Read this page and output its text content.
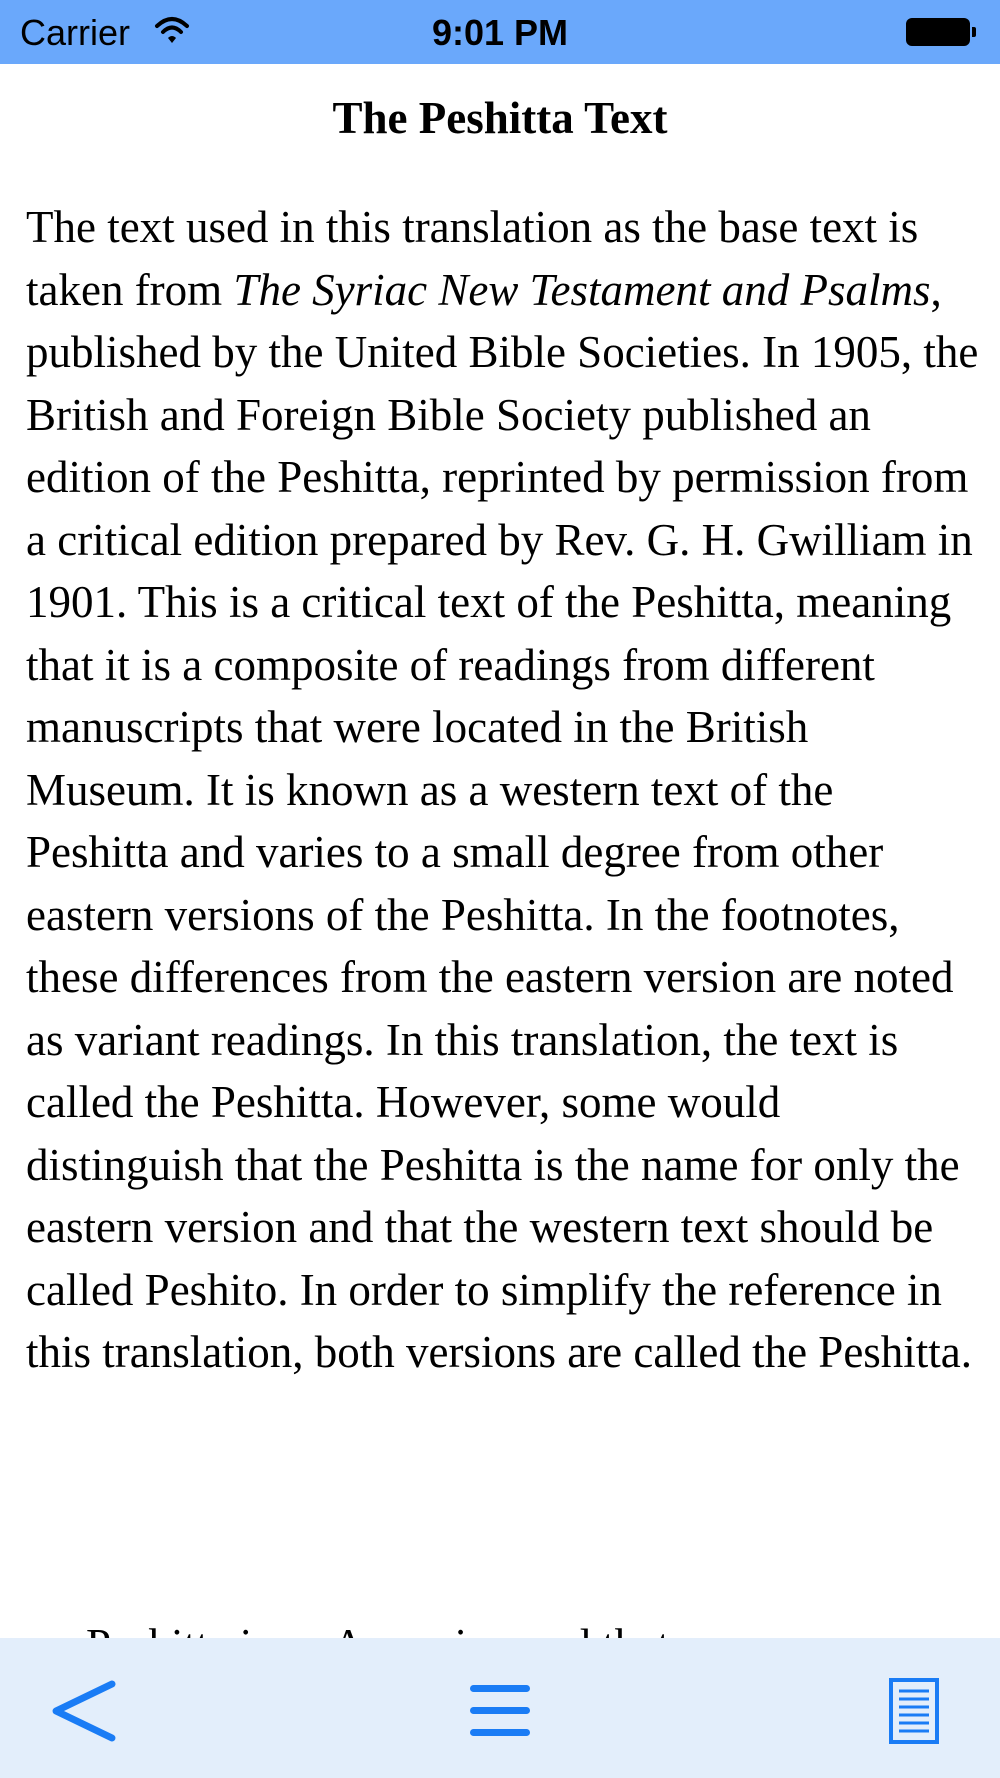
Carrier	9:01 PM
The Peshitta Text

The text used in this translation as the base text is taken from The Syriac New Testament and Psalms, published by the United Bible Societies. In 1905, the British and Foreign Bible Society published an edition of the Peshitta, reprinted by permission from a critical edition prepared by Rev. G. H. Gwilliam in 1901. This is a critical text of the Peshitta, meaning that it is a composite of readings from different manuscripts that were located in the British Museum. It is known as a western text of the Peshitta and varies to a small degree from other eastern versions of the Peshitta. In the footnotes, these differences from the eastern version are noted as variant readings. In this translation, the text is called the Peshitta. However, some would distinguish that the Peshitta is the name for only the eastern version and that the western text should be called Peshito. In order to simplify the reference in this translation, both versions are called the Peshitta.
